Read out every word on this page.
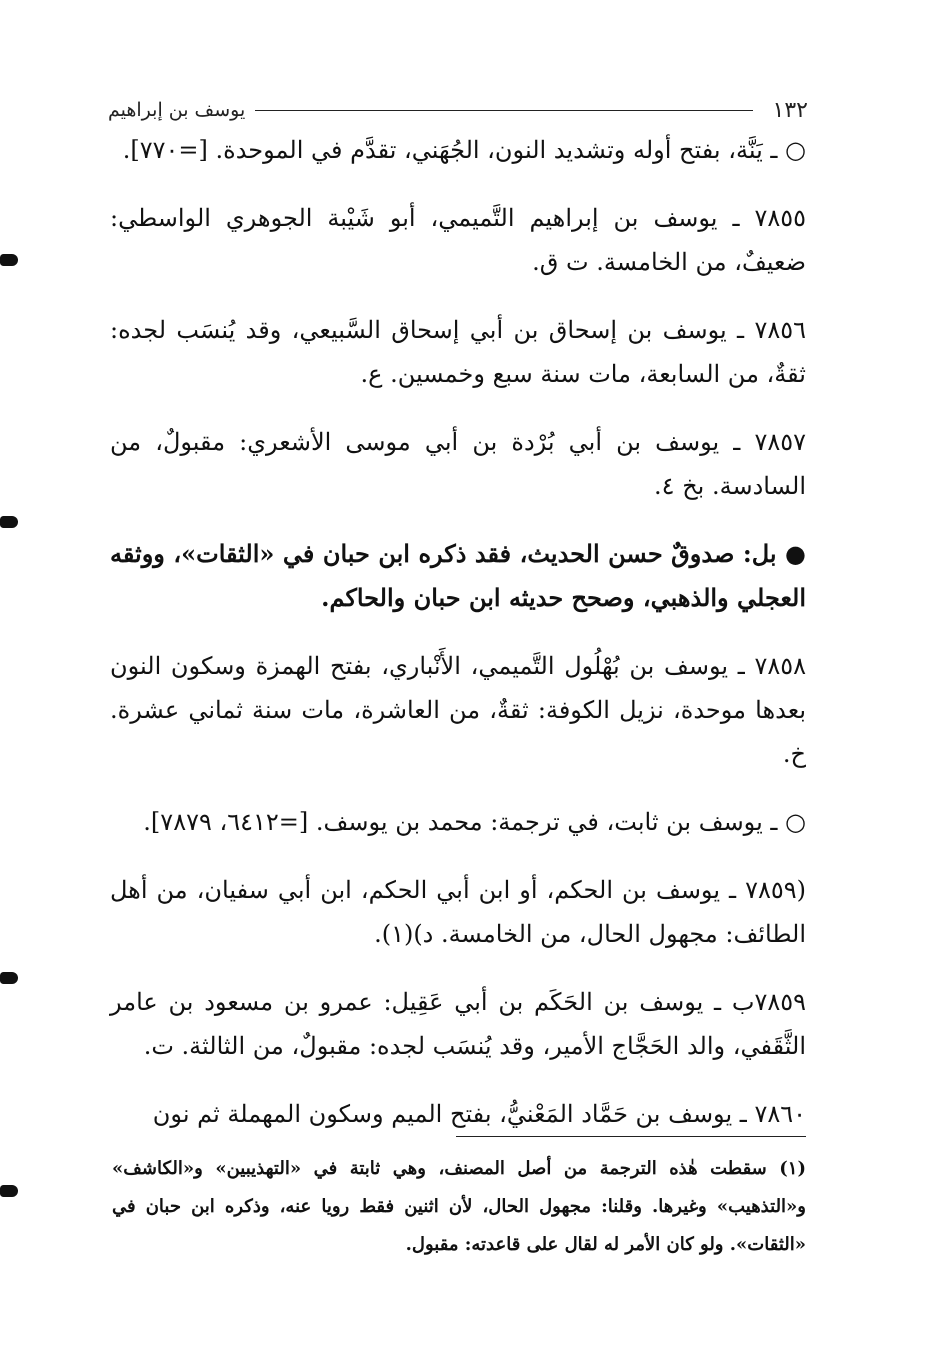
١٣٢
يوسف بن إبراهيم

○ ـ يَنَّة، بفتح أوله وتشديد النون، الجُهَني، تقدَّم في الموحدة. [=٧٧٠].

٧٨٥٥ ـ يوسف بن إبراهيم التَّميمي، أبو شَيْبة الجوهري الواسطي: ضعيفٌ، من الخامسة. ت ق.

٧٨٥٦ ـ يوسف بن إسحاق بن أبي إسحاق السَّبيعي، وقد يُنسَب لجده: ثقةٌ، من السابعة، مات سنة سبع وخمسين. ع.

٧٨٥٧ ـ يوسف بن أبي بُرْدة بن أبي موسى الأشعري: مقبولٌ، من السادسة. بخ ٤.

● بل: صدوقٌ حسن الحديث، فقد ذكره ابن حبان في «الثقات»، ووثقه العجلي والذهبي، وصحح حديثه ابن حبان والحاكم.

٧٨٥٨ ـ يوسف بن بُهْلُول التَّميمي، الأَنْباري، بفتح الهمزة وسكون النون بعدها موحدة، نزيل الكوفة: ثقةٌ، من العاشرة، مات سنة ثماني عشرة. خ.

○ ـ يوسف بن ثابت، في ترجمة: محمد بن يوسف. [=٦٤١٢، ٧٨٧٩].

(٧٨٥٩ ـ يوسف بن الحكم، أو ابن أبي الحكم، ابن أبي سفيان، من أهل الطائف: مجهول الحال، من الخامسة. د)(١).

٧٨٥٩ب ـ يوسف بن الحَكَم بن أبي عَقِيل: عمرو بن مسعود بن عامر الثَّقَفي، والد الحَجَّاج الأمير، وقد يُنسَب لجده: مقبولٌ، من الثالثة. ت.

٧٨٦٠ ـ يوسف بن حَمَّاد المَعْنيُّ، بفتح الميم وسكون المهملة ثم نون

(١) سقطت هٰذه الترجمة من أصل المصنف، وهي ثابتة في «التهذيبين» و«الكاشف» و«التذهيب» وغيرها. وقلنا: مجهول الحال، لأن اثنين فقط رويا عنه، وذكره ابن حبان في «الثقات». ولو كان الأمر له لقال على قاعدته: مقبول.
